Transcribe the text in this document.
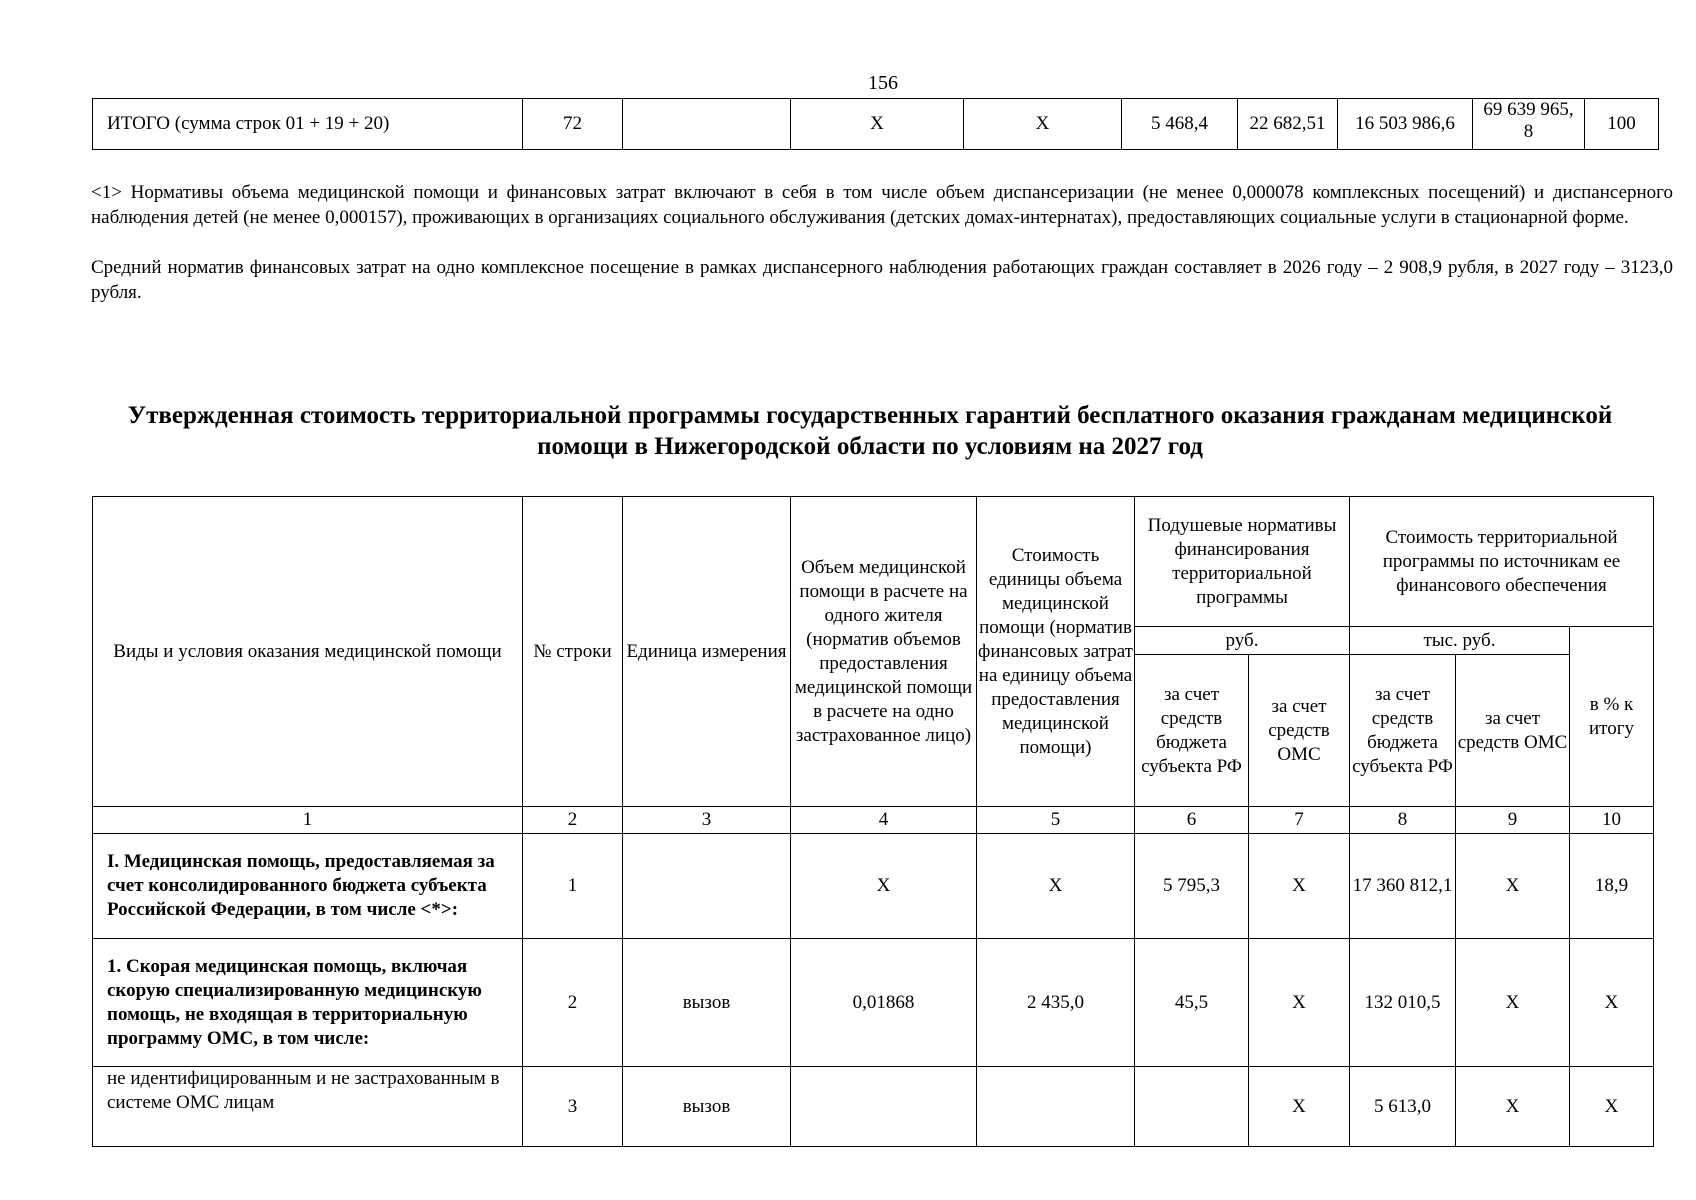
156
ИТОГО (сумма строк 01 + 19 + 20)	72		X	X	5 468,4	22 682,51	16 503 986,6	69 639 965,
8	100
<1> Нормативы объема медицинской помощи и финансовых затрат включают в себя в том числе объем диспансеризации (не менее 0,000078 комплексных посещений) и диспансерного наблюдения детей (не менее 0,000157), проживающих в организациях социального обслуживания (детских домах-интернатах), предоставляющих социальные услуги в стационарной форме.
Средний норматив финансовых затрат на одно комплексное посещение в рамках диспансерного наблюдения работающих граждан составляет в 2026 году – 2 908,9 рубля, в 2027 году – 3123,0 рубля.
Утвержденная стоимость территориальной программы государственных гарантий бесплатного оказания гражданам медицинской помощи в Нижегородской области по условиям на 2027 год
Виды и условия оказания медицинской помощи	№ строки	Единица измерения	Объем медицинской помощи в расчете на одного жителя (норматив объемов предоставления медицинской помощи в расчете на одно застрахованное лицо)	Стоимость единицы объема медицинской помощи (норматив финансовых затрат на единицу объема предоставления медицинской помощи)	Подушевые нормативы финансирования территориальной программы		Стоимость территориальной программы по источникам ее финансового обеспечения		
					руб.		тыс. руб.		в % к итогу
					за счет средств бюджета субъекта РФ	за счет средств ОМС	за счет средств бюджета субъекта РФ	за счет средств ОМС	
1	2	3	4	5	6	7	8	9	10
I. Медицинская помощь, предоставляемая за счет консолидированного бюджета субъекта Российской Федерации, в том числе <*>:	1		X	X	5 795,3	X	17 360 812,1	X	18,9
1. Скорая медицинская помощь, включая скорую специализированную медицинскую помощь, не входящая в территориальную программу ОМС, в том числе:	2	вызов	0,01868	2 435,0	45,5	X	132 010,5	X	X
не идентифицированным и не застрахованным в системе ОМС лицам	3	вызов				X	5 613,0	X	X
